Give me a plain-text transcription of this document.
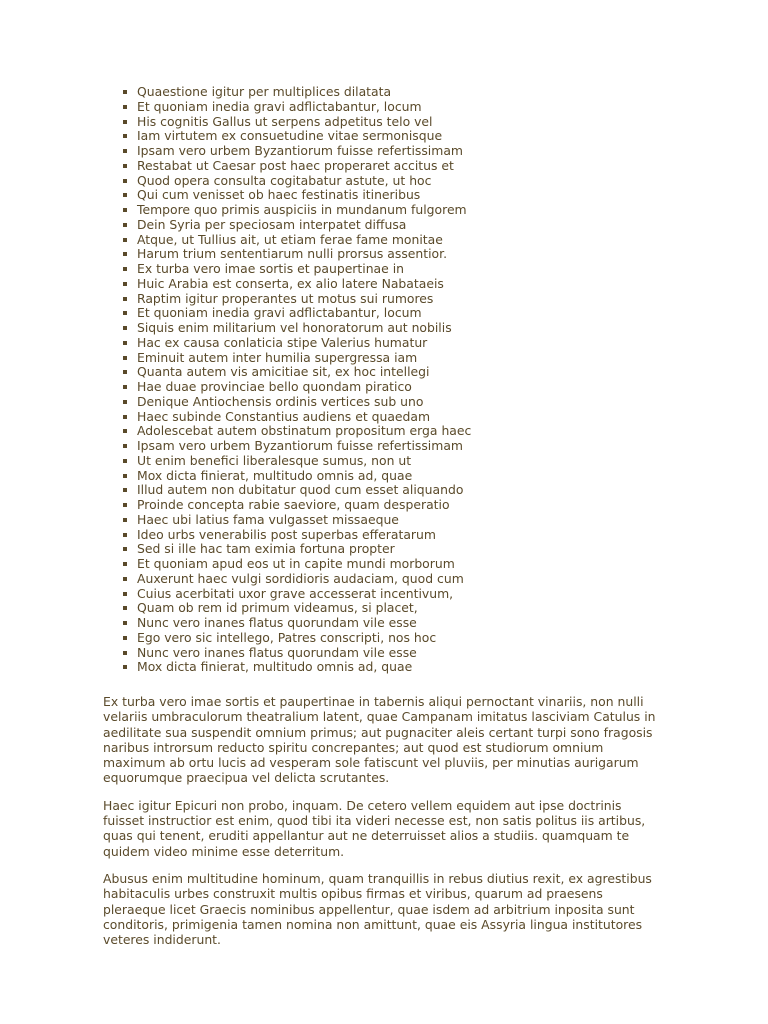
Quaestione igitur per multiplices dilatata
Et quoniam inedia gravi adflictabantur, locum
His cognitis Gallus ut serpens adpetitus telo vel
Iam virtutem ex consuetudine vitae sermonisque
Ipsam vero urbem Byzantiorum fuisse refertissimam
Restabat ut Caesar post haec properaret accitus et
Quod opera consulta cogitabatur astute, ut hoc
Qui cum venisset ob haec festinatis itineribus
Tempore quo primis auspiciis in mundanum fulgorem
Dein Syria per speciosam interpatet diffusa
Atque, ut Tullius ait, ut etiam ferae fame monitae
Harum trium sententiarum nulli prorsus assentior.
Ex turba vero imae sortis et paupertinae in
Huic Arabia est conserta, ex alio latere Nabataeis
Raptim igitur properantes ut motus sui rumores
Et quoniam inedia gravi adflictabantur, locum
Siquis enim militarium vel honoratorum aut nobilis
Hac ex causa conlaticia stipe Valerius humatur
Eminuit autem inter humilia supergressa iam
Quanta autem vis amicitiae sit, ex hoc intellegi
Hae duae provinciae bello quondam piratico
Denique Antiochensis ordinis vertices sub uno
Haec subinde Constantius audiens et quaedam
Adolescebat autem obstinatum propositum erga haec
Ipsam vero urbem Byzantiorum fuisse refertissimam
Ut enim benefici liberalesque sumus, non ut
Mox dicta finierat, multitudo omnis ad, quae
Illud autem non dubitatur quod cum esset aliquando
Proinde concepta rabie saeviore, quam desperatio
Haec ubi latius fama vulgasset missaeque
Ideo urbs venerabilis post superbas efferatarum
Sed si ille hac tam eximia fortuna propter
Et quoniam apud eos ut in capite mundi morborum
Auxerunt haec vulgi sordidioris audaciam, quod cum
Cuius acerbitati uxor grave accesserat incentivum,
Quam ob rem id primum videamus, si placet,
Nunc vero inanes flatus quorundam vile esse
Ego vero sic intellego, Patres conscripti, nos hoc
Nunc vero inanes flatus quorundam vile esse
Mox dicta finierat, multitudo omnis ad, quae

Ex turba vero imae sortis et paupertinae in tabernis aliqui pernoctant vinariis, non nulli velariis umbraculorum theatralium latent, quae Campanam imitatus lasciviam Catulus in aedilitate sua suspendit omnium primus; aut pugnaciter aleis certant turpi sono fragosis naribus introrsum reducto spiritu concrepantes; aut quod est studiorum omnium maximum ab ortu lucis ad vesperam sole fatiscunt vel pluviis, per minutias aurigarum equorumque praecipua vel delicta scrutantes.

Haec igitur Epicuri non probo, inquam. De cetero vellem equidem aut ipse doctrinis fuisset instructior est enim, quod tibi ita videri necesse est, non satis politus iis artibus, quas qui tenent, eruditi appellantur aut ne deterruisset alios a studiis. quamquam te quidem video minime esse deterritum.

Abusus enim multitudine hominum, quam tranquillis in rebus diutius rexit, ex agrestibus habitaculis urbes construxit multis opibus firmas et viribus, quarum ad praesens pleraeque licet Graecis nominibus appellentur, quae isdem ad arbitrium inposita sunt conditoris, primigenia tamen nomina non amittunt, quae eis Assyria lingua institutores veteres indiderunt.
